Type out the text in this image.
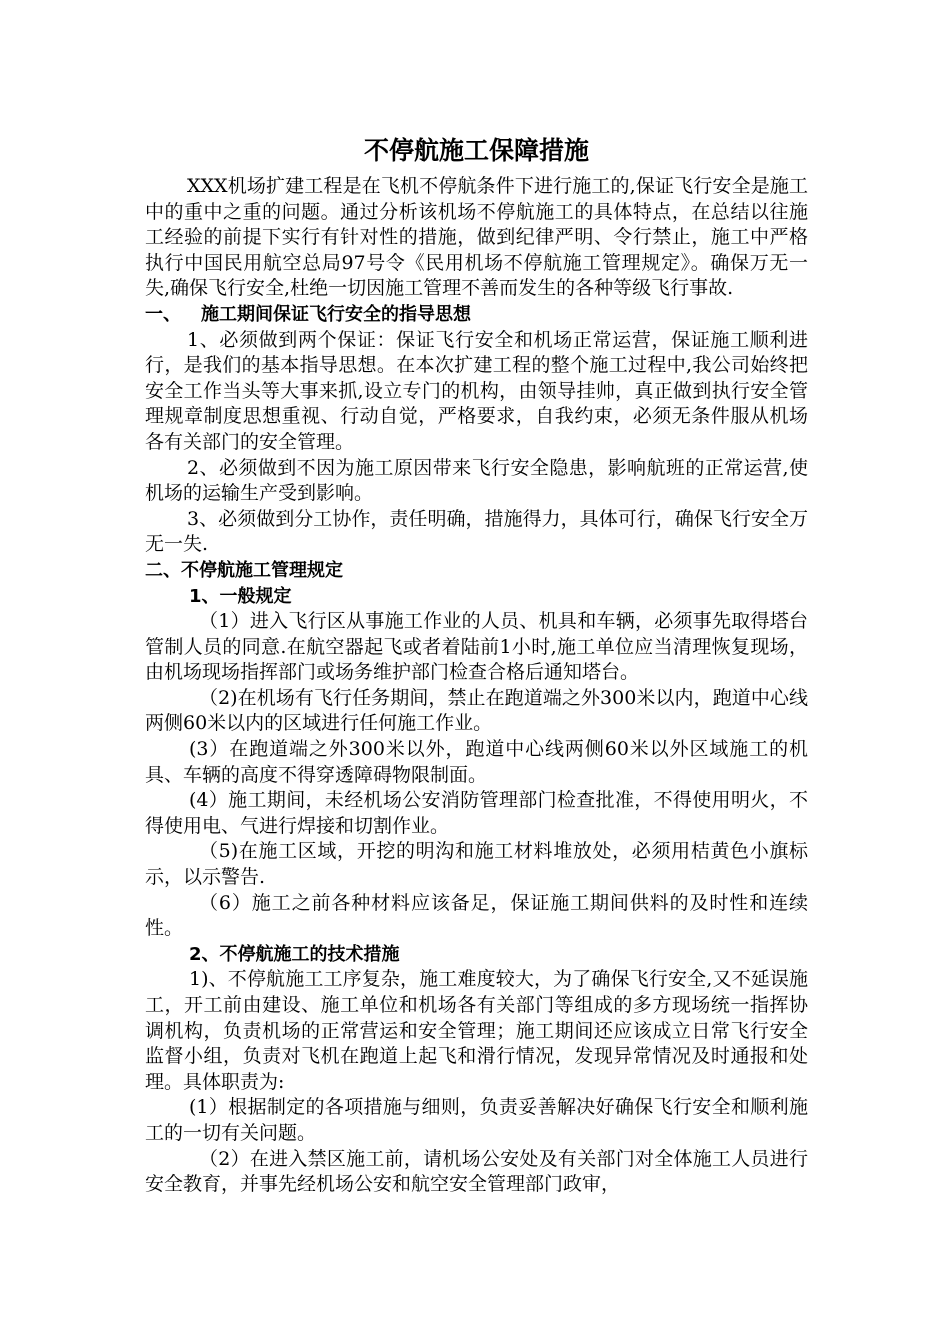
不停航施工保障措施

XXX机场扩建工程是在飞机不停航条件下进行施工的,保证飞行安全是施工中的重中之重的问题。通过分析该机场不停航施工的具体特点，在总结以往施工经验的前提下实行有针对性的措施，做到纪律严明、令行禁止，施工中严格执行中国民用航空总局97号令《民用机场不停航施工管理规定》。确保万无一失,确保飞行安全,杜绝一切因施工管理不善而发生的各种等级飞行事故.

一、 施工期间保证飞行安全的指导思想

1、必须做到两个保证：保证飞行安全和机场正常运营，保证施工顺利进行，是我们的基本指导思想。在本次扩建工程的整个施工过程中,我公司始终把安全工作当头等大事来抓,设立专门的机构，由领导挂帅，真正做到执行安全管理规章制度思想重视、行动自觉，严格要求，自我约束，必须无条件服从机场各有关部门的安全管理。

2、必须做到不因为施工原因带来飞行安全隐患，影响航班的正常运营,使机场的运输生产受到影响。

3、必须做到分工协作，责任明确，措施得力，具体可行，确保飞行安全万无一失.

二、不停航施工管理规定

1、一般规定

（1）进入飞行区从事施工作业的人员、机具和车辆，必须事先取得塔台管制人员的同意.在航空器起飞或者着陆前1小时,施工单位应当清理恢复现场，由机场现场指挥部门或场务维护部门检查合格后通知塔台。

（2)在机场有飞行任务期间，禁止在跑道端之外300米以内，跑道中心线两侧60米以内的区域进行任何施工作业。

(3）在跑道端之外300米以外，跑道中心线两侧60米以外区域施工的机具、车辆的高度不得穿透障碍物限制面。

(4）施工期间，未经机场公安消防管理部门检查批准，不得使用明火，不得使用电、气进行焊接和切割作业。

（5)在施工区域，开挖的明沟和施工材料堆放处，必须用桔黄色小旗标示，以示警告.

（6）施工之前各种材料应该备足，保证施工期间供料的及时性和连续性。

2、不停航施工的技术措施

1)、不停航施工工序复杂，施工难度较大，为了确保飞行安全,又不延误施工，开工前由建设、施工单位和机场各有关部门等组成的多方现场统一指挥协调机构，负责机场的正常营运和安全管理；施工期间还应该成立日常飞行安全监督小组，负责对飞机在跑道上起飞和滑行情况，发现异常情况及时通报和处理。具体职责为:

(1）根据制定的各项措施与细则，负责妥善解决好确保飞行安全和顺利施工的一切有关问题。

（2）在进入禁区施工前，请机场公安处及有关部门对全体施工人员进行安全教育，并事先经机场公安和航空安全管理部门政审，
